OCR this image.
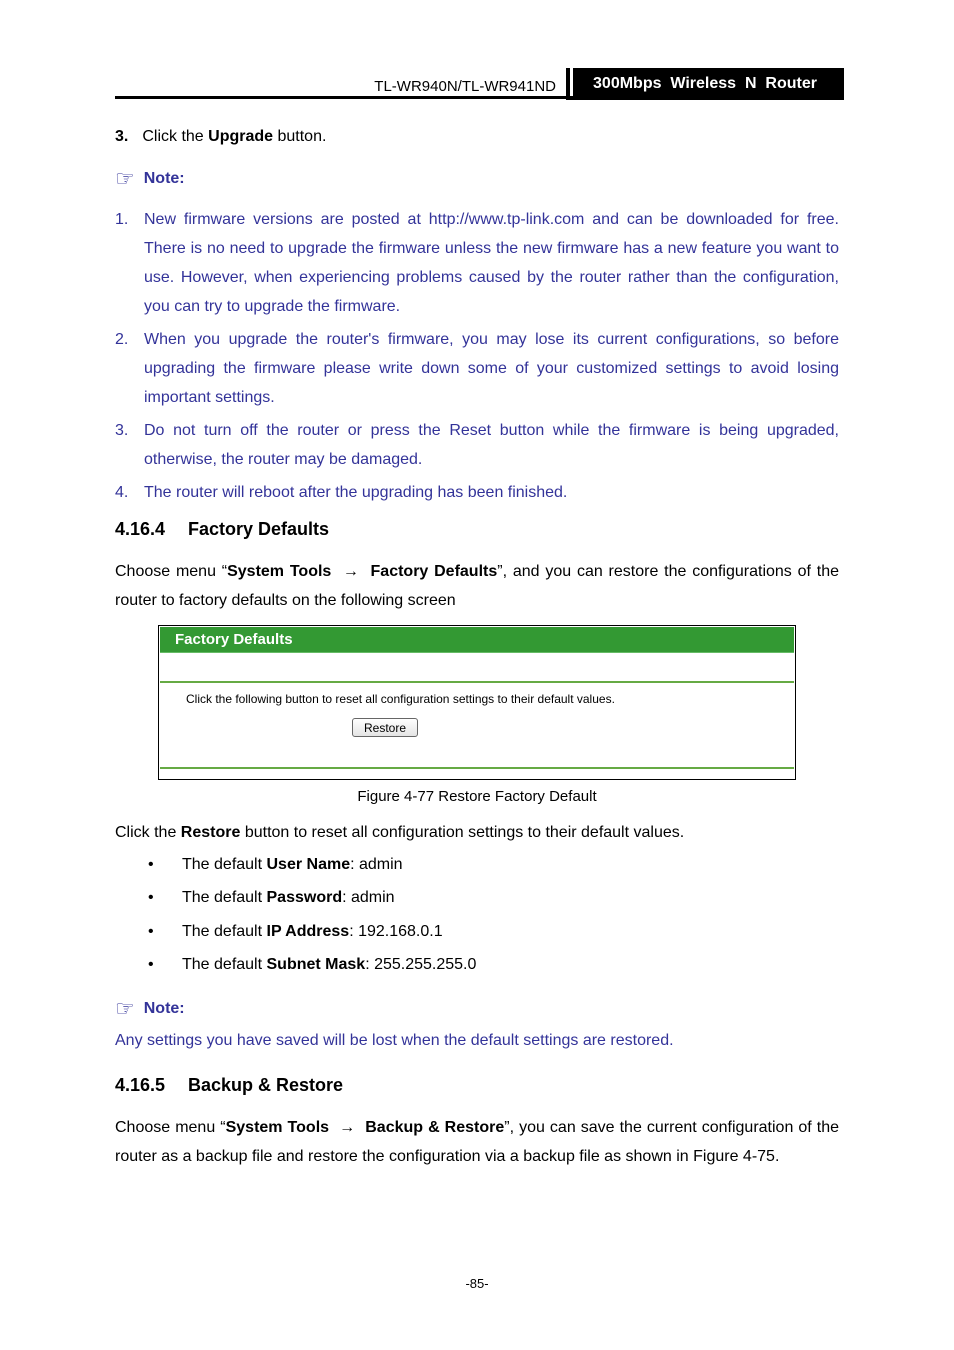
TL-WR940N/TL-WR941ND 300Mbps  Wireless  N  Router
3. Click the Upgrade button.
☞ Note:
1. New firmware versions are posted at http://www.tp-link.com and can be downloaded for free. There is no need to upgrade the firmware unless the new firmware has a new feature you want to use. However, when experiencing problems caused by the router rather than the configuration, you can try to upgrade the firmware.
2. When you upgrade the router's firmware, you may lose its current configurations, so before upgrading the firmware please write down some of your customized settings to avoid losing important settings.
3. Do not turn off the router or press the Reset button while the firmware is being upgraded, otherwise, the router may be damaged.
4. The router will reboot after the upgrading has been finished.
4.16.4 Factory Defaults
Choose menu “System Tools → Factory Defaults”, and you can restore the configurations of the router to factory defaults on the following screen
Factory Defaults
Click the following button to reset all configuration settings to their default values.
Restore
Figure 4-77 Restore Factory Default
Click the Restore button to reset all configuration settings to their default values.
• The default User Name: admin
• The default Password: admin
• The default IP Address: 192.168.0.1
• The default Subnet Mask: 255.255.255.0
☞ Note:
Any settings you have saved will be lost when the default settings are restored.
4.16.5 Backup & Restore
Choose menu “System Tools → Backup & Restore”, you can save the current configuration of the router as a backup file and restore the configuration via a backup file as shown in Figure 4-75.
-85-
